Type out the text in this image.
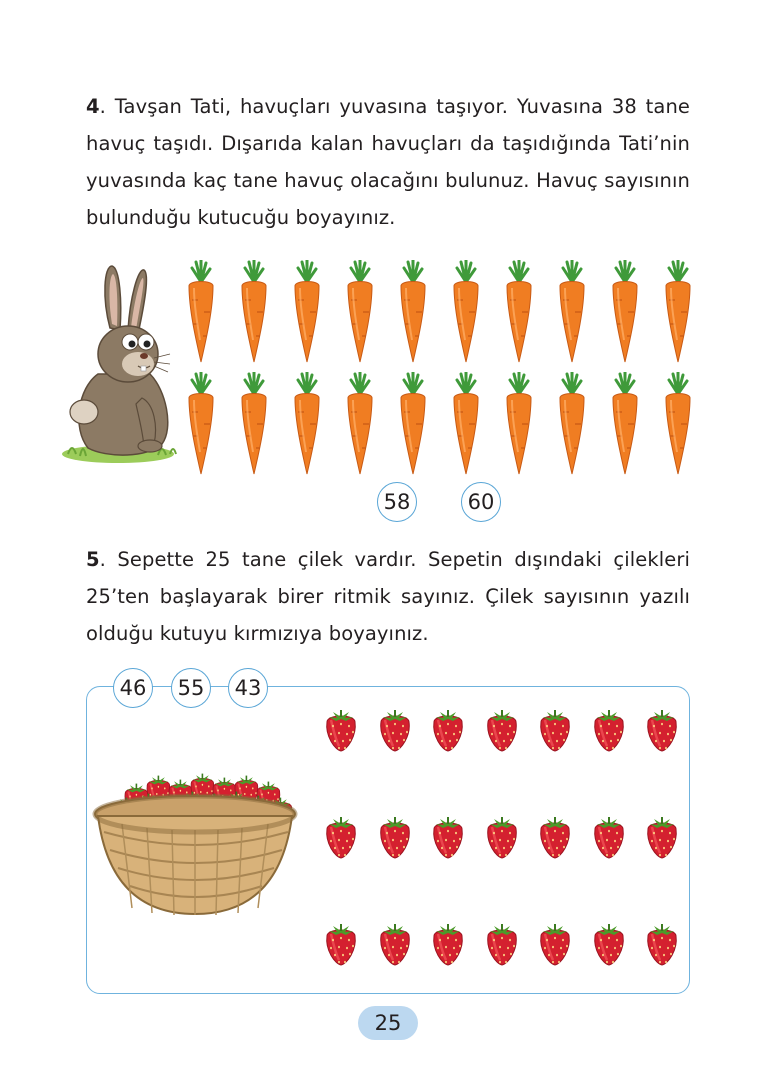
4. Tavşan Tati, havuçları yuvasına taşıyor. Yuvasına 38 tane havuç taşıdı. Dışarıda kalan havuçları da taşıdığında Tati’nin yuvasında kaç tane havuç olacağını bulunuz. Havuç sayısının bulunduğu kutucuğu boyayınız.

58	60

5. Sepette 25 tane çilek vardır. Sepetin dışındaki çilekleri 25’ten başlayarak birer ritmik sayınız. Çilek sayısının yazılı olduğu kutuyu kırmızıya boyayınız.

46	55	43
25
